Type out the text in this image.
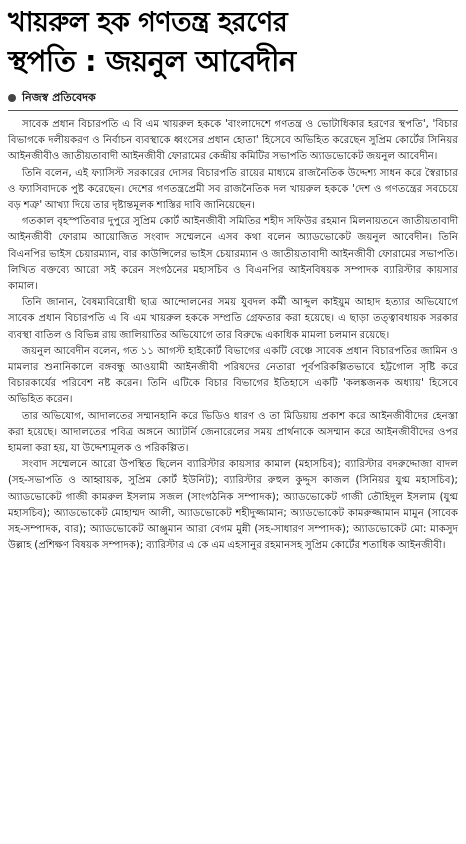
খায়রুল হক গণতন্ত্র হরণের
স্থপতি : জয়নুল আবেদীন
নিজস্ব প্রতিবেদক

সাবেক প্রধান বিচারপতি এ বি এম খায়রুল হককে 'বাংলাদেশে গণতন্ত্র ও ভোটাধিকার হরণের স্থপতি', 'বিচার বিভাগকে দলীয়করণ ও নির্বাচন ব্যবস্থাকে ধ্বংসের প্রধান হোতা' হিসেবে অভিহিত করেছেন সুপ্রিম কোর্টের সিনিয়র আইনজীবীও জাতীয়তাবাদী আইনজীবী ফোরামের কেন্দ্রীয় কমিটির সভাপতি অ্যাডভোকেট জয়নুল আবেদীন।

তিনি বলেন, এই ফ্যাসিস্ট সরকারের দোসর বিচারপতি রায়ের মাধ্যমে রাজনৈতিক উদ্দেশ্য সাধন করে স্বৈরাচার ও ফ্যাসিবাদকে পুষ্ট করেছেন। দেশের গণতন্ত্রপ্রেমী সব রাজনৈতিক দল খায়রুল হককে 'দেশ ও গণতন্ত্রের সবচেয়ে বড় শত্রু' আখ্যা দিয়ে তার দৃষ্টান্তমূলক শাস্তির দাবি জানিয়েছেন।

গতকাল বৃহস্পতিবার দুপুরে সুপ্রিম কোর্ট আইনজীবী সমিতির শহীদ সফিউর রহমান মিলনায়তনে জাতীয়তাবাদী আইনজীবী ফোরাম আয়োজিত সংবাদ সম্মেলনে এসব কথা বলেন অ্যাডভোকেট জয়নুল আবেদীন। তিনি বিএনপির ভাইস চেয়ারম্যান, বার কাউন্সিলের ভাইস চেয়ারম্যান ও জাতীয়তাবাদী আইনজীবী ফোরামের সভাপতি। লিখিত বক্তব্যে আরো সই করেন সংগঠনের মহাসচিব ও বিএনপির আইনবিষয়ক সম্পাদক ব্যারিস্টার কায়সার কামাল।

তিনি জানান, বৈষম্যবিরোধী ছাত্র আন্দোলনের সময় যুবদল কর্মী আব্দুল কাইয়ুম আহাদ হত্যার অভিযোগে সাবেক প্রধান বিচারপতি এ বি এম খায়রুল হককে সম্প্রতি গ্রেফতার করা হয়েছে। এ ছাড়া তত্ত্বাবধায়ক সরকার ব্যবস্থা বাতিল ও বিভিন্ন রায় জালিয়াতির অভিযোগে তার বিরুদ্ধে একাধিক মামলা চলমান রয়েছে।

জয়নুল আবেদীন বলেন, গত ১১ আগস্ট হাইকোর্ট বিভাগের একটি বেঞ্চে সাবেক প্রধান বিচারপতির জামিন ও মামলার শুনানিকালে বঙ্গবন্ধু আওয়ামী আইনজীবী পরিষদের নেতারা পূর্বপরিকল্পিতভাবে হট্টগোল সৃষ্টি করে বিচারকার্যের পরিবেশ নষ্ট করেন। তিনি এটিকে বিচার বিভাগের ইতিহাসে একটি 'কলঙ্কজনক অধ্যায়' হিসেবে অভিহিত করেন।

তার অভিযোগ, আদালতের সম্মানহানি করে ভিডিও ধারণ ও তা মিডিয়ায় প্রকাশ করে আইনজীবীদের হেনস্তা করা হয়েছে। আদালতের পবিত্র অঙ্গনে অ্যাটর্নি জেনারেলের সময় প্রার্থনাকে অসম্মান করে আইনজীবীদের ওপর হামলা করা হয়, যা উদ্দেশ্যমূলক ও পরিকল্পিত।

সংবাদ সম্মেলনে আরো উপস্থিত ছিলেন ব্যারিস্টার কায়সার কামাল (মহাসচিব); ব্যারিস্টার বদরুদ্দোজা বাদল (সহ-সভাপতি ও আহ্বায়ক, সুপ্রিম কোর্ট ইউনিট); ব্যারিস্টার রুহুল কুদ্দুস কাজল (সিনিয়র যুগ্ম মহাসচিব); অ্যাডভোকেট গাজী কামরুল ইসলাম সজল (সাংগঠনিক সম্পাদক); অ্যাডভোকেট গাজী তৌহিদুল ইসলাম (যুগ্ম মহাসচিব); অ্যাডভোকেট মোহাম্মদ আলী, অ্যাডভোকেট শহীদুজ্জামান; অ্যাডভোকেট কামরুজ্জামান মামুন (সাবেক সহ-সম্পাদক, বার); অ্যাডভোকেট আঞ্জুমান আরা বেগম মুন্নী (সহ-সাধারণ সম্পাদক); অ্যাডভোকেট মো: মাকসুদ উল্লাহ (প্রশিক্ষণ বিষয়ক সম্পাদক); ব্যারিস্টার এ কে এম এহসানুর রহমানসহ সুপ্রিম কোর্টের শতাধিক আইনজীবী।
